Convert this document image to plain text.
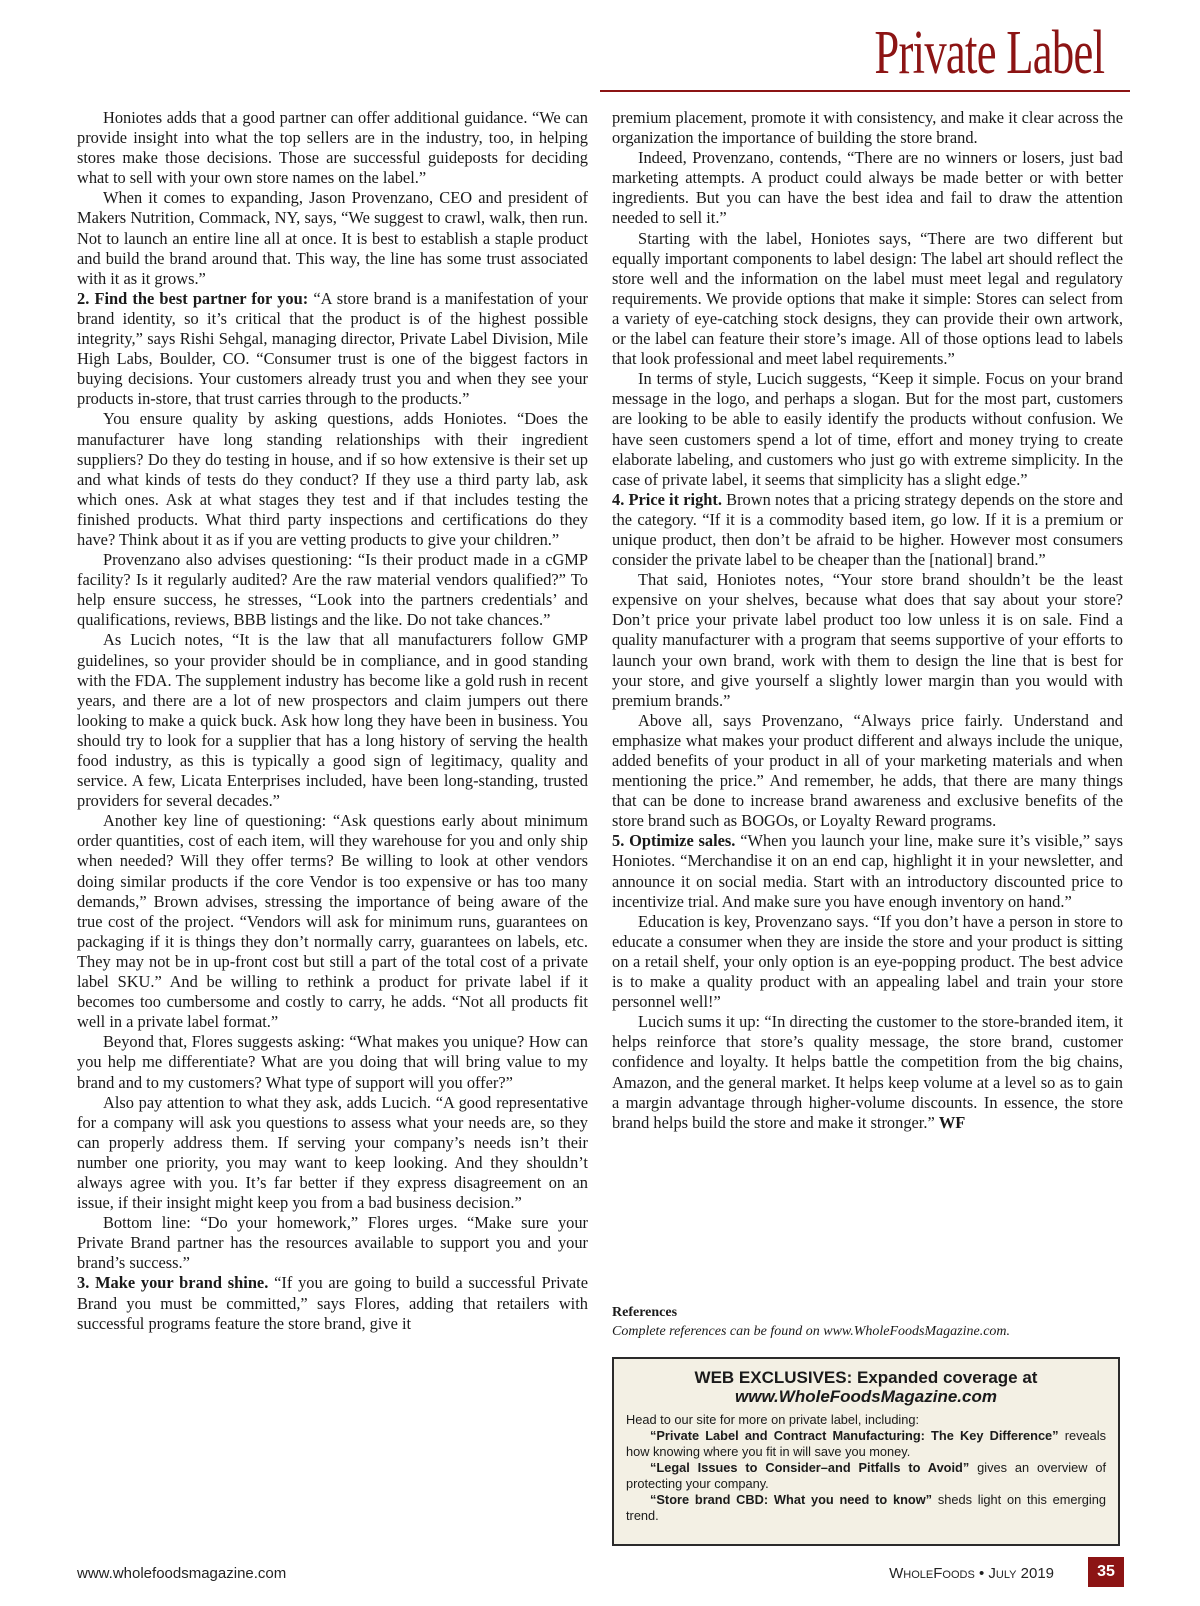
Private Label

Honiotes adds that a good partner can offer additional guidance. “We can provide insight into what the top sellers are in the industry, too, in helping stores make those decisions. Those are successful guideposts for deciding what to sell with your own store names on the label.”

When it comes to expanding, Jason Provenzano, CEO and president of Makers Nutrition, Commack, NY, says, “We suggest to crawl, walk, then run. Not to launch an entire line all at once. It is best to establish a staple product and build the brand around that. This way, the line has some trust associated with it as it grows.”

2. Find the best partner for you: “A store brand is a manifestation of your brand identity, so it’s critical that the product is of the highest possible integrity,” says Rishi Sehgal, managing director, Private Label Division, Mile High Labs, Boulder, CO. “Consumer trust is one of the biggest factors in buying decisions. Your customers already trust you and when they see your products in-store, that trust carries through to the products.”

You ensure quality by asking questions, adds Honiotes. “Does the manufacturer have long standing relationships with their ingredient suppliers? Do they do testing in house, and if so how extensive is their set up and what kinds of tests do they conduct? If they use a third party lab, ask which ones. Ask at what stages they test and if that includes testing the finished products. What third party inspections and certifications do they have? Think about it as if you are vetting products to give your children.”

Provenzano also advises questioning: “Is their product made in a cGMP facility? Is it regularly audited? Are the raw material vendors qualified?” To help ensure success, he stresses, “Look into the partners credentials’ and qualifications, reviews, BBB listings and the like. Do not take chances.”

As Lucich notes, “It is the law that all manufacturers follow GMP guidelines, so your provider should be in compliance, and in good standing with the FDA. The supplement industry has become like a gold rush in recent years, and there are a lot of new prospectors and claim jumpers out there looking to make a quick buck. Ask how long they have been in business. You should try to look for a supplier that has a long history of serving the health food industry, as this is typically a good sign of legitimacy, quality and service. A few, Licata Enterprises included, have been long-standing, trusted providers for several decades.”

Another key line of questioning: “Ask questions early about minimum order quantities, cost of each item, will they warehouse for you and only ship when needed? Will they offer terms? Be willing to look at other vendors doing similar products if the core Vendor is too expensive or has too many demands,” Brown advises, stressing the importance of being aware of the true cost of the project. “Vendors will ask for minimum runs, guarantees on packaging if it is things they don’t normally carry, guarantees on labels, etc. They may not be in up-front cost but still a part of the total cost of a private label SKU.” And be willing to rethink a product for private label if it becomes too cumbersome and costly to carry, he adds. “Not all products fit well in a private label format.”

Beyond that, Flores suggests asking: “What makes you unique? How can you help me differentiate? What are you doing that will bring value to my brand and to my customers? What type of support will you offer?”

Also pay attention to what they ask, adds Lucich. “A good representative for a company will ask you questions to assess what your needs are, so they can properly address them. If serving your company’s needs isn’t their number one priority, you may want to keep looking. And they shouldn’t always agree with you. It’s far better if they express disagreement on an issue, if their insight might keep you from a bad business decision.”

Bottom line: “Do your homework,” Flores urges. “Make sure your Private Brand partner has the resources available to support you and your brand’s success.”

3. Make your brand shine. “If you are going to build a successful Private Brand you must be committed,” says Flores, adding that retailers with successful programs feature the store brand, give it

premium placement, promote it with consistency, and make it clear across the organization the importance of building the store brand.

Indeed, Provenzano, contends, “There are no winners or losers, just bad marketing attempts. A product could always be made better or with better ingredients. But you can have the best idea and fail to draw the attention needed to sell it.”

Starting with the label, Honiotes says, “There are two different but equally important components to label design: The label art should reflect the store well and the information on the label must meet legal and regulatory requirements. We provide options that make it simple: Stores can select from a variety of eye-catching stock designs, they can provide their own artwork, or the label can feature their store’s image. All of those options lead to labels that look professional and meet label requirements.”

In terms of style, Lucich suggests, “Keep it simple. Focus on your brand message in the logo, and perhaps a slogan. But for the most part, customers are looking to be able to easily identify the products without confusion. We have seen customers spend a lot of time, effort and money trying to create elaborate labeling, and customers who just go with extreme simplicity. In the case of private label, it seems that simplicity has a slight edge.”

4. Price it right. Brown notes that a pricing strategy depends on the store and the category. “If it is a commodity based item, go low. If it is a premium or unique product, then don’t be afraid to be higher. However most consumers consider the private label to be cheaper than the [national] brand.”

That said, Honiotes notes, “Your store brand shouldn’t be the least expensive on your shelves, because what does that say about your store? Don’t price your private label product too low unless it is on sale. Find a quality manufacturer with a program that seems supportive of your efforts to launch your own brand, work with them to design the line that is best for your store, and give yourself a slightly lower margin than you would with premium brands.”

Above all, says Provenzano, “Always price fairly. Understand and emphasize what makes your product different and always include the unique, added benefits of your product in all of your marketing materials and when mentioning the price.” And remember, he adds, that there are many things that can be done to increase brand awareness and exclusive benefits of the store brand such as BOGOs, or Loyalty Reward programs.

5. Optimize sales. “When you launch your line, make sure it’s visible,” says Honiotes. “Merchandise it on an end cap, highlight it in your newsletter, and announce it on social media. Start with an introductory discounted price to incentivize trial. And make sure you have enough inventory on hand.”

Education is key, Provenzano says. “If you don’t have a person in store to educate a consumer when they are inside the store and your product is sitting on a retail shelf, your only option is an eye-popping product. The best advice is to make a quality product with an appealing label and train your store personnel well!”

Lucich sums it up: “In directing the customer to the store-branded item, it helps reinforce that store’s quality message, the store brand, customer confidence and loyalty. It helps battle the competition from the big chains, Amazon, and the general market. It helps keep volume at a level so as to gain a margin advantage through higher-volume discounts. In essence, the store brand helps build the store and make it stronger.” WF

References

Complete references can be found on www.WholeFoodsMagazine.com.

WEB EXCLUSIVES: Expanded coverage at

www.WholeFoodsMagazine.com

Head to our site for more on private label, including:

“Private Label and Contract Manufacturing: The Key Difference” reveals how knowing where you fit in will save you money.

“Legal Issues to Consider–and Pitfalls to Avoid” gives an overview of protecting your company.

“Store brand CBD: What you need to know” sheds light on this emerging trend.

www.wholefoodsmagazine.com	WholeFoods • July 2019	35
